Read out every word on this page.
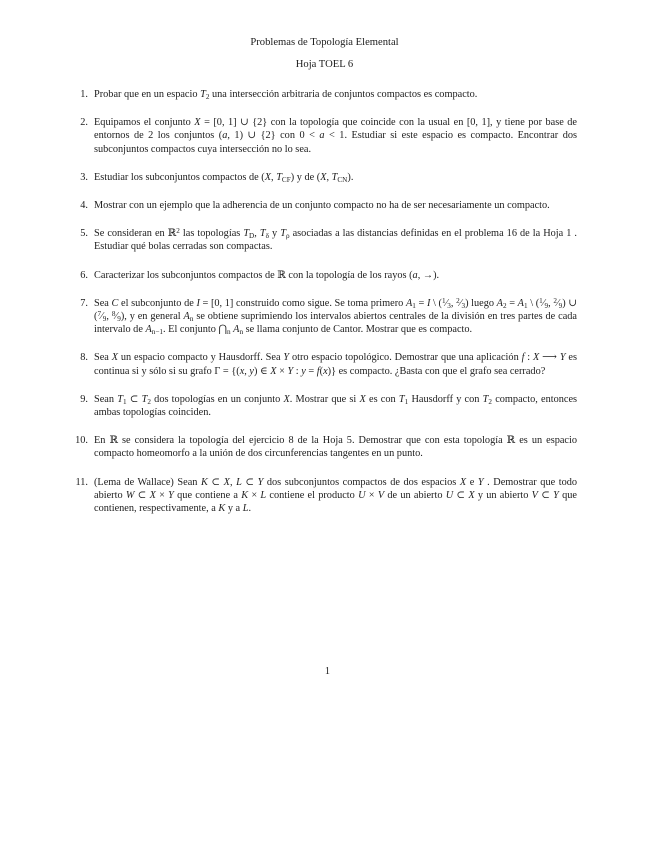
Problemas de Topología Elemental
Hoja TOEL 6
1. Probar que en un espacio $T_2$ una intersección arbitraria de conjuntos compactos es compacto.
2. Equipamos el conjunto X = [0, 1] ∪ {2} con la topología que coincide con la usual en [0, 1], y tiene por base de entornos de 2 los conjuntos (a, 1) ∪ {2} con 0 < a < 1. Estudiar si este espacio es compacto. Encontrar dos subconjuntos compactos cuya intersección no lo sea.
3. Estudiar los subconjuntos compactos de (X, $T_{CF}$) y de (X, $T_{CN}$).
4. Mostrar con un ejemplo que la adherencia de un conjunto compacto no ha de ser necesariamente un compacto.
5. Se consideran en ℝ$^2$ las topologías $T_D$, $T_\delta$ y $T_\rho$ asociadas a las distancias definidas en el problema 16 de la Hoja 1 . Estudiar qué bolas cerradas son compactas.
6. Caracterizar los subconjuntos compactos de ℝ con la topología de los rayos (a, →).
7. Sea C el subconjunto de I = [0, 1] construido como sigue. Se toma primero $A_1 = I$ \ ($^1⁄_3$, $^2⁄_3$) luego $A_2 = A_1$ \ ($^1⁄_9$, $^2⁄_9$) ∪ ($^7⁄_9$, $^8⁄_9$), y en general $A_n$ se obtiene suprimiendo los intervalos abiertos centrales de la división en tres partes de cada intervalo de $A_{n-1}$. El conjunto $⋂_n$ $A_n$ se llama conjunto de Cantor. Mostrar que es compacto.
8. Sea X un espacio compacto y Hausdorff. Sea Y otro espacio topológico. Demostrar que una aplicación f : X ⟶ Y es continua si y sólo si su grafo Γ = {(x, y) ∈ X × Y : y = f(x)} es compacto. ¿Basta con que el grafo sea cerrado?
9. Sean $T_1$ ⊂ $T_2$ dos topologías en un conjunto X. Mostrar que si X es con $T_1$ Hausdorff y con $T_2$ compacto, entonces ambas topologías coinciden.
10. En ℝ se considera la topología del ejercicio 8 de la Hoja 5. Demostrar que con esta topología ℝ es un espacio compacto homeomorfo a la unión de dos circunferencias tangentes en un punto.
11. (Lema de Wallace) Sean K ⊂ X, L ⊂ Y dos subconjuntos compactos de dos espacios X e Y . Demostrar que todo abierto W ⊂ X × Y que contiene a K × L contiene el producto U × V de un abierto U ⊂ X y un abierto V ⊂ Y que contienen, respectivamente, a K y a L.
1
